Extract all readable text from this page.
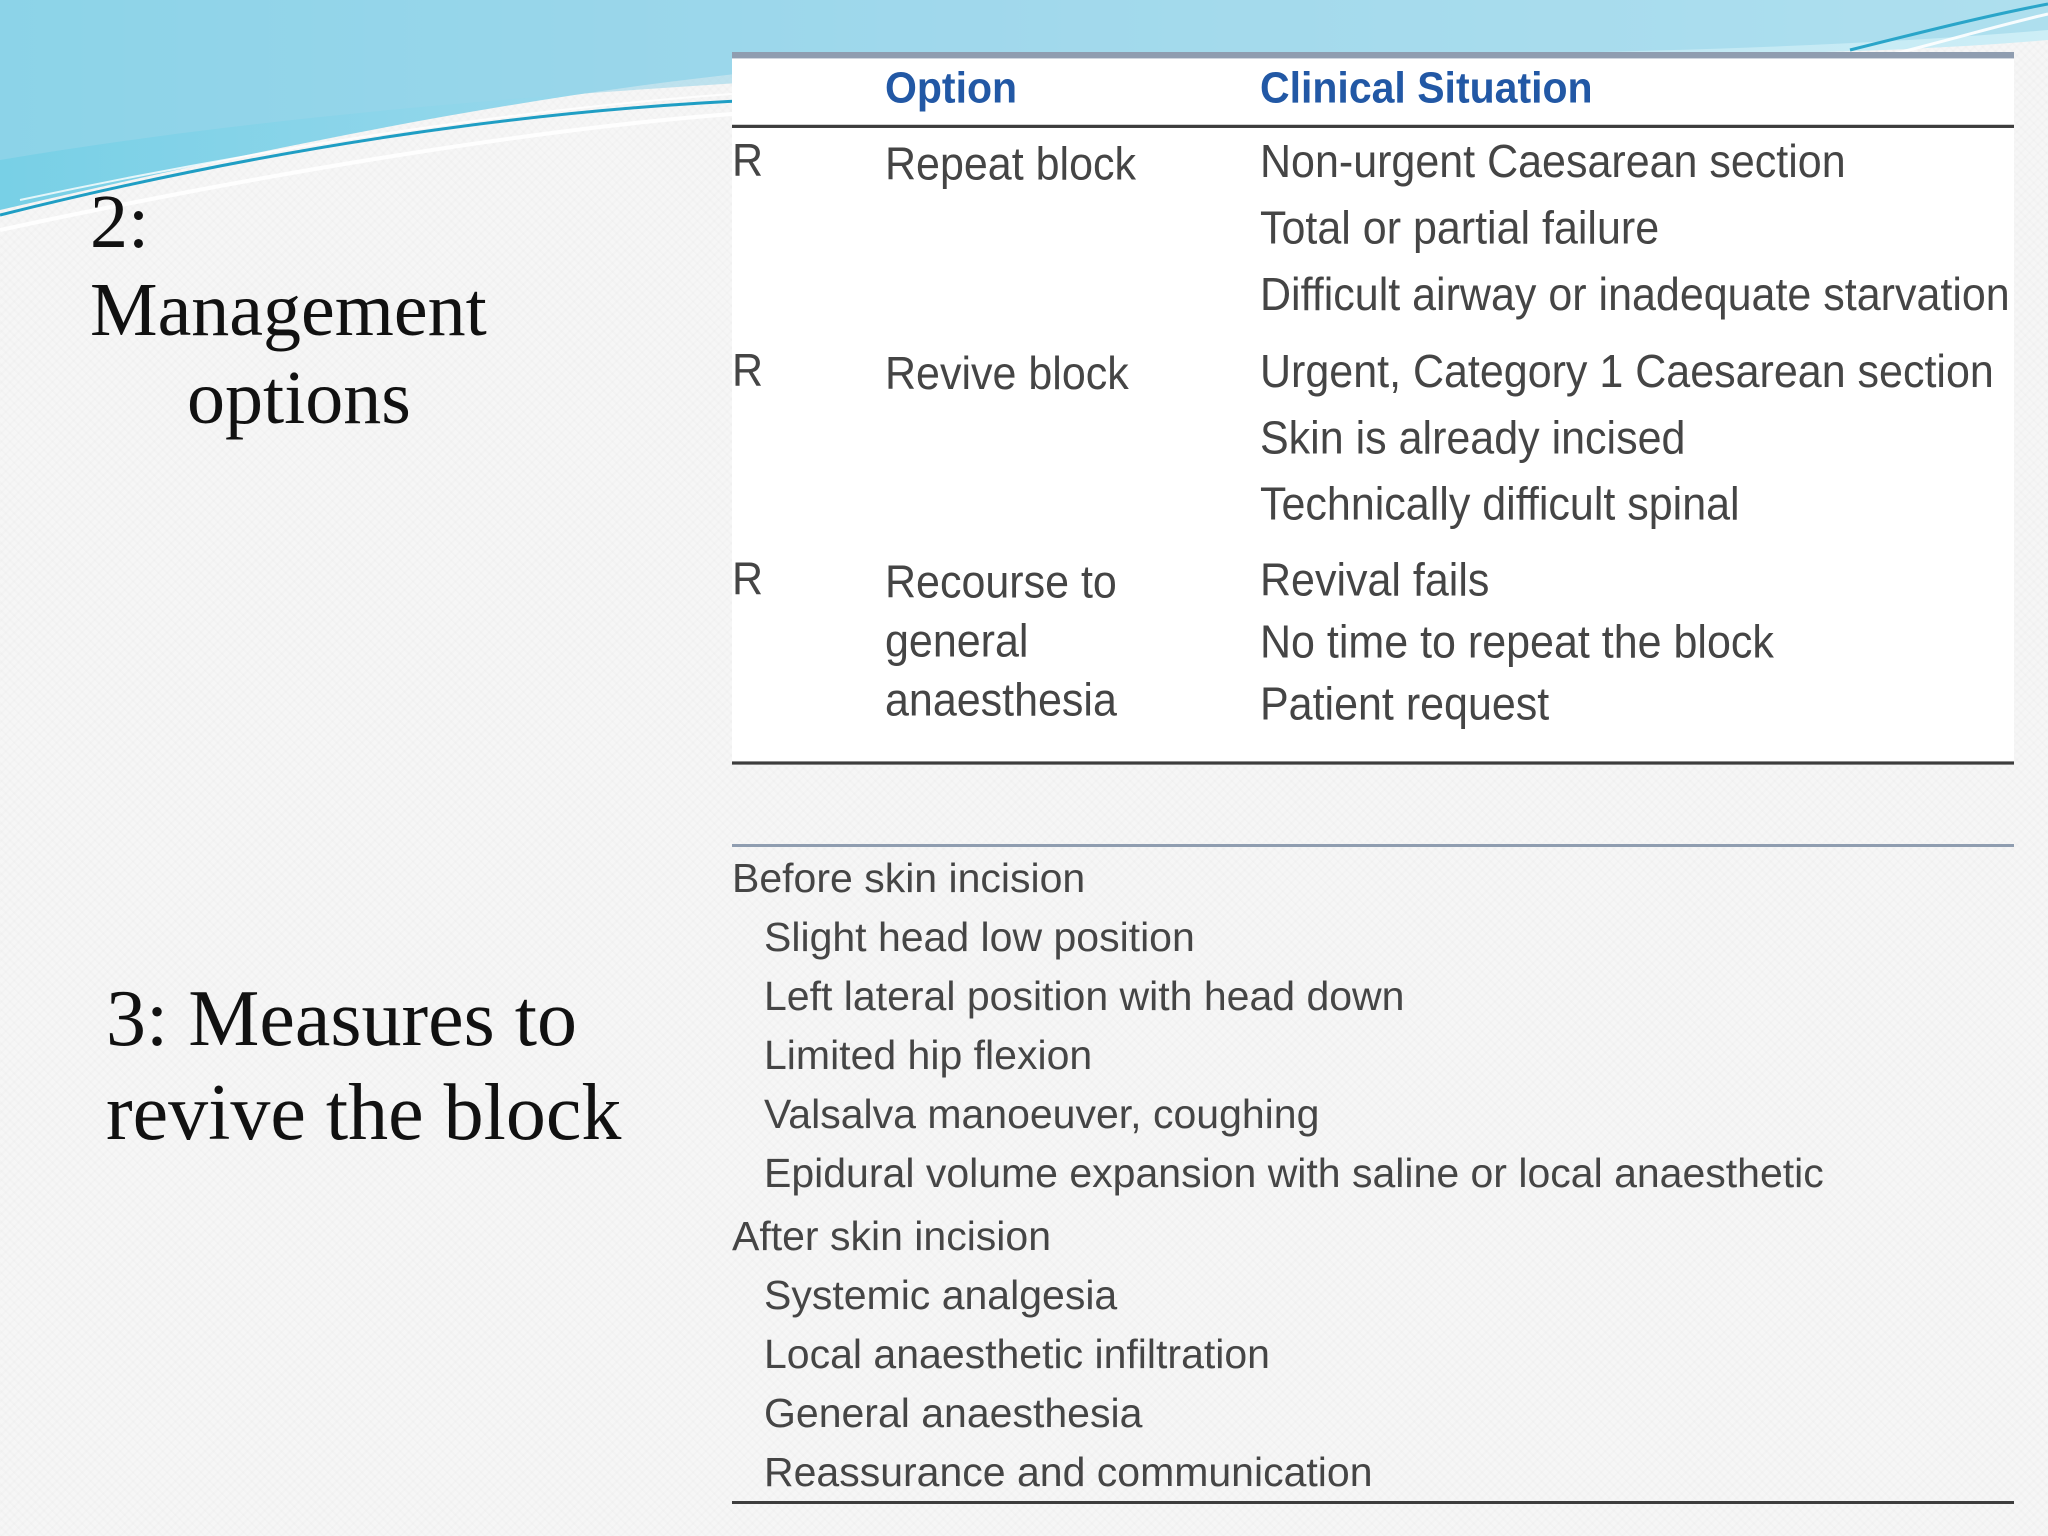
2:
Management
options
3: Measures to revive the block
Option	Clinical Situation
R	Repeat block	Non-urgent Caesarean section
Total or partial failure
Difficult airway or inadequate starvation
R	Revive block	Urgent, Category 1 Caesarean section
Skin is already incised
Technically difficult spinal
R	Recourse to general anaesthesia
Revival fails
No time to repeat the block
Patient request
Before skin incision
Slight head low position
Left lateral position with head down
Limited hip flexion
Valsalva manoeuver, coughing
Epidural volume expansion with saline or local anaesthetic
After skin incision
Systemic analgesia
Local anaesthetic infiltration
General anaesthesia
Reassurance and communication
